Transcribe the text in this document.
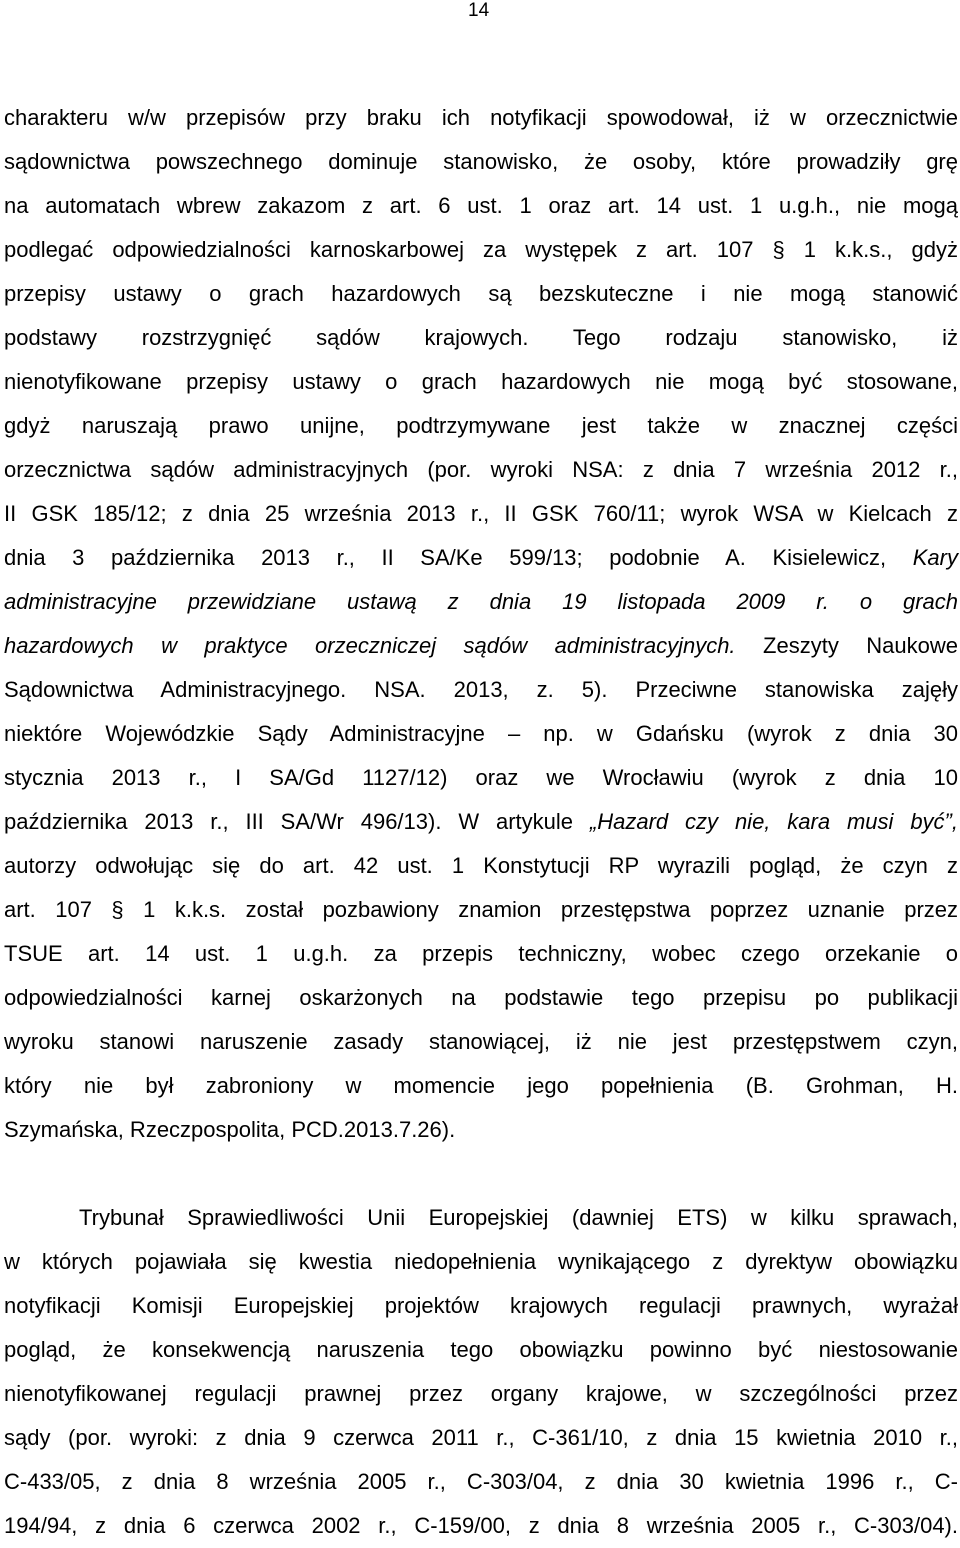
14

charakteru w/w przepisów przy braku ich notyfikacji spowodował, iż w orzecznictwie
sądownictwa powszechnego dominuje stanowisko, że osoby, które prowadziły grę
na automatach wbrew zakazom z art. 6 ust. 1 oraz art. 14 ust. 1 u.g.h., nie mogą
podlegać odpowiedzialności karnoskarbowej za występek z art. 107 § 1 k.k.s., gdyż
przepisy ustawy o grach hazardowych są bezskuteczne i nie mogą stanowić
podstawy rozstrzygnięć sądów krajowych. Tego rodzaju stanowisko, iż
nienotyfikowane przepisy ustawy o grach hazardowych nie mogą być stosowane,
gdyż naruszają prawo unijne, podtrzymywane jest także w znacznej części
orzecznictwa sądów administracyjnych (por. wyroki NSA: z dnia 7 września 2012 r.,
II GSK 185/12; z dnia 25 września 2013 r., II GSK 760/11; wyrok WSA w Kielcach z
dnia 3 października 2013 r., II SA/Ke 599/13; podobnie A. Kisielewicz, Kary
administracyjne przewidziane ustawą z dnia 19 listopada 2009 r. o grach
hazardowych w praktyce orzeczniczej sądów administracyjnych. Zeszyty Naukowe
Sądownictwa Administracyjnego. NSA. 2013, z. 5). Przeciwne stanowiska zajęły
niektóre Wojewódzkie Sądy Administracyjne – np. w Gdańsku (wyrok z dnia 30
stycznia 2013 r., I SA/Gd 1127/12) oraz we Wrocławiu (wyrok z dnia 10
października 2013 r., III SA/Wr 496/13). W artykule „Hazard czy nie, kara musi być”,
autorzy odwołując się do art. 42 ust. 1 Konstytucji RP wyrazili pogląd, że czyn z
art. 107 § 1 k.k.s. został pozbawiony znamion przestępstwa poprzez uznanie przez
TSUE art. 14 ust. 1 u.g.h. za przepis techniczny, wobec czego orzekanie o
odpowiedzialności karnej oskarżonych na podstawie tego przepisu po publikacji
wyroku stanowi naruszenie zasady stanowiącej, iż nie jest przestępstwem czyn,
który nie był zabroniony w momencie jego popełnienia (B. Grohman, H.
Szymańska, Rzeczpospolita, PCD.2013.7.26).

Trybunał Sprawiedliwości Unii Europejskiej (dawniej ETS) w kilku sprawach,
w których pojawiała się kwestia niedopełnienia wynikającego z dyrektyw obowiązku
notyfikacji Komisji Europejskiej projektów krajowych regulacji prawnych, wyrażał
pogląd, że konsekwencją naruszenia tego obowiązku powinno być niestosowanie
nienotyfikowanej regulacji prawnej przez organy krajowe, w szczególności przez
sądy (por. wyroki: z dnia 9 czerwca 2011 r., C-361/10, z dnia 15 kwietnia 2010 r.,
C-433/05, z dnia 8 września 2005 r., C-303/04, z dnia 30 kwietnia 1996 r., C-
194/94, z dnia 6 czerwca 2002 r., C-159/00, z dnia 8 września 2005 r., C-303/04).
